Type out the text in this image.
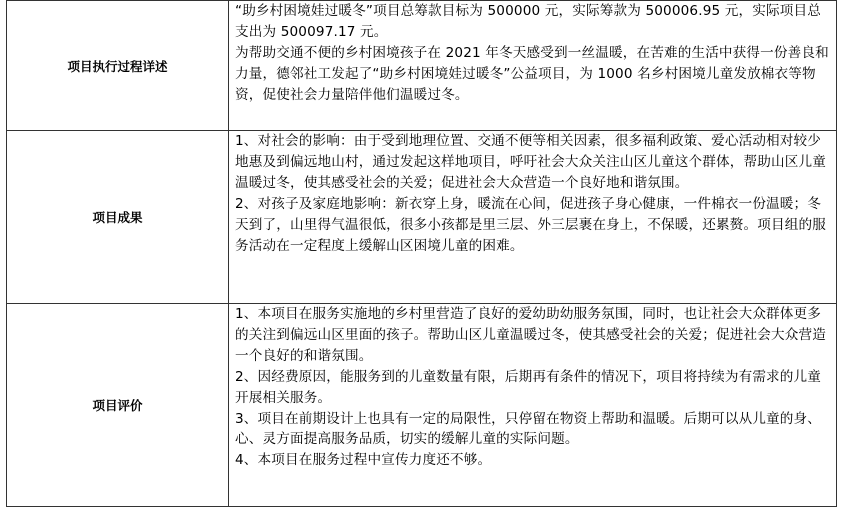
项目执行过程详述	“助乡村困境娃过暖冬”项目总筹款目标为 500000 元，实际筹款为 500006.95 元，实际项目总支出为 500097.17 元。

为帮助交通不便的乡村困境孩子在 2021 年冬天感受到一丝温暖，在苦难的生活中获得一份善良和力量，德邻社工发起了“助乡村困境娃过暖冬”公益项目，为 1000 名乡村困境儿童发放棉衣等物资，促使社会力量陪伴他们温暖过冬。

项目成果	1、对社会的影响：由于受到地理位置、交通不便等相关因素，很多福利政策、爱心活动相对较少地惠及到偏远地山村，通过发起这样地项目，呼吁社会大众关注山区儿童这个群体，帮助山区儿童温暖过冬，使其感受社会的关爱；促进社会大众营造一个良好地和谐氛围。

2、对孩子及家庭地影响：新衣穿上身，暖流在心间，促进孩子身心健康，一件棉衣一份温暖；冬天到了，山里得气温很低，很多小孩都是里三层、外三层裹在身上，不保暖，还累赘。项目组的服务活动在一定程度上缓解山区困境儿童的困难。

项目评价	1、本项目在服务实施地的乡村里营造了良好的爱幼助幼服务氛围，同时，也让社会大众群体更多的关注到偏远山区里面的孩子。帮助山区儿童温暖过冬，使其感受社会的关爱；促进社会大众营造一个良好的和谐氛围。

2、因经费原因，能服务到的儿童数量有限，后期再有条件的情况下，项目将持续为有需求的儿童开展相关服务。

3、项目在前期设计上也具有一定的局限性，只停留在物资上帮助和温暖。后期可以从儿童的身、心、灵方面提高服务品质，切实的缓解儿童的实际问题。

4、本项目在服务过程中宣传力度还不够。
